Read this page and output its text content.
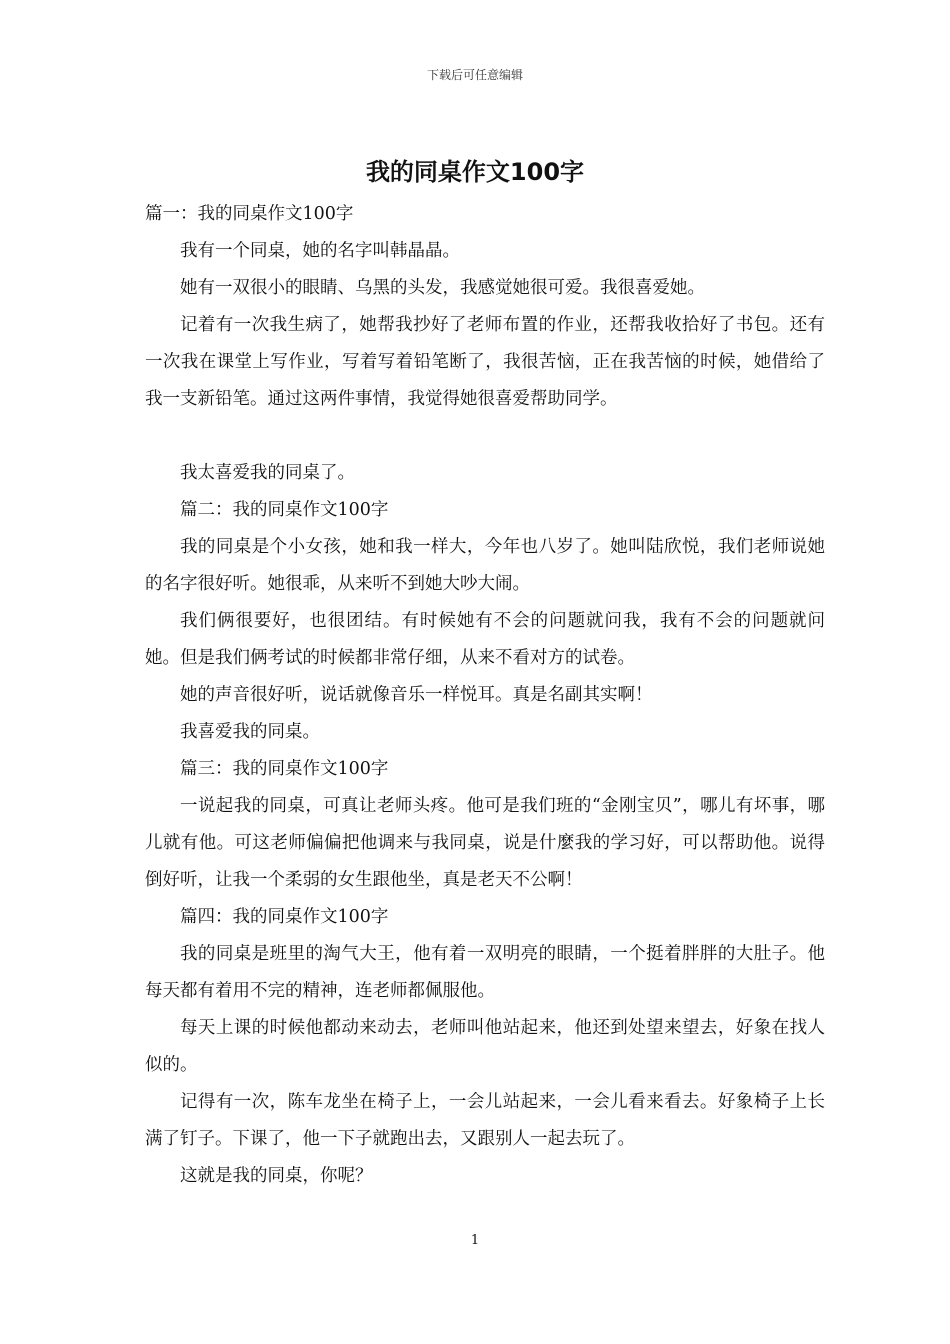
下载后可任意编辑
我的同桌作文100字

篇一：我的同桌作文100字

我有一个同桌，她的名字叫韩晶晶。

她有一双很小的眼睛、乌黑的头发，我感觉她很可爱。我很喜爱她。

记着有一次我生病了，她帮我抄好了老师布置的作业，还帮我收拾好了书包。还有一次我在课堂上写作业，写着写着铅笔断了，我很苦恼，正在我苦恼的时候，她借给了我一支新铅笔。通过这两件事情，我觉得她很喜爱帮助同学。

我太喜爱我的同桌了。

篇二：我的同桌作文100字

我的同桌是个小女孩，她和我一样大，今年也八岁了。她叫陆欣悦，我们老师说她的名字很好听。她很乖，从来听不到她大吵大闹。

我们俩很要好，也很团结。有时候她有不会的问题就问我，我有不会的问题就问她。但是我们俩考试的时候都非常仔细，从来不看对方的试卷。

她的声音很好听，说话就像音乐一样悦耳。真是名副其实啊！

我喜爱我的同桌。

篇三：我的同桌作文100字

一说起我的同桌，可真让老师头疼。他可是我们班的“金刚宝贝”，哪儿有坏事，哪儿就有他。可这老师偏偏把他调来与我同桌，说是什麼我的学习好，可以帮助他。说得倒好听，让我一个柔弱的女生跟他坐，真是老天不公啊！

篇四：我的同桌作文100字

我的同桌是班里的淘气大王，他有着一双明亮的眼睛，一个挺着胖胖的大肚子。他每天都有着用不完的精神，连老师都佩服他。

每天上课的时候他都动来动去，老师叫他站起来，他还到处望来望去，好象在找人似的。

记得有一次，陈车龙坐在椅子上，一会儿站起来，一会儿看来看去。好象椅子上长满了钉子。下课了，他一下子就跑出去，又跟别人一起去玩了。

这就是我的同桌，你呢？

1
